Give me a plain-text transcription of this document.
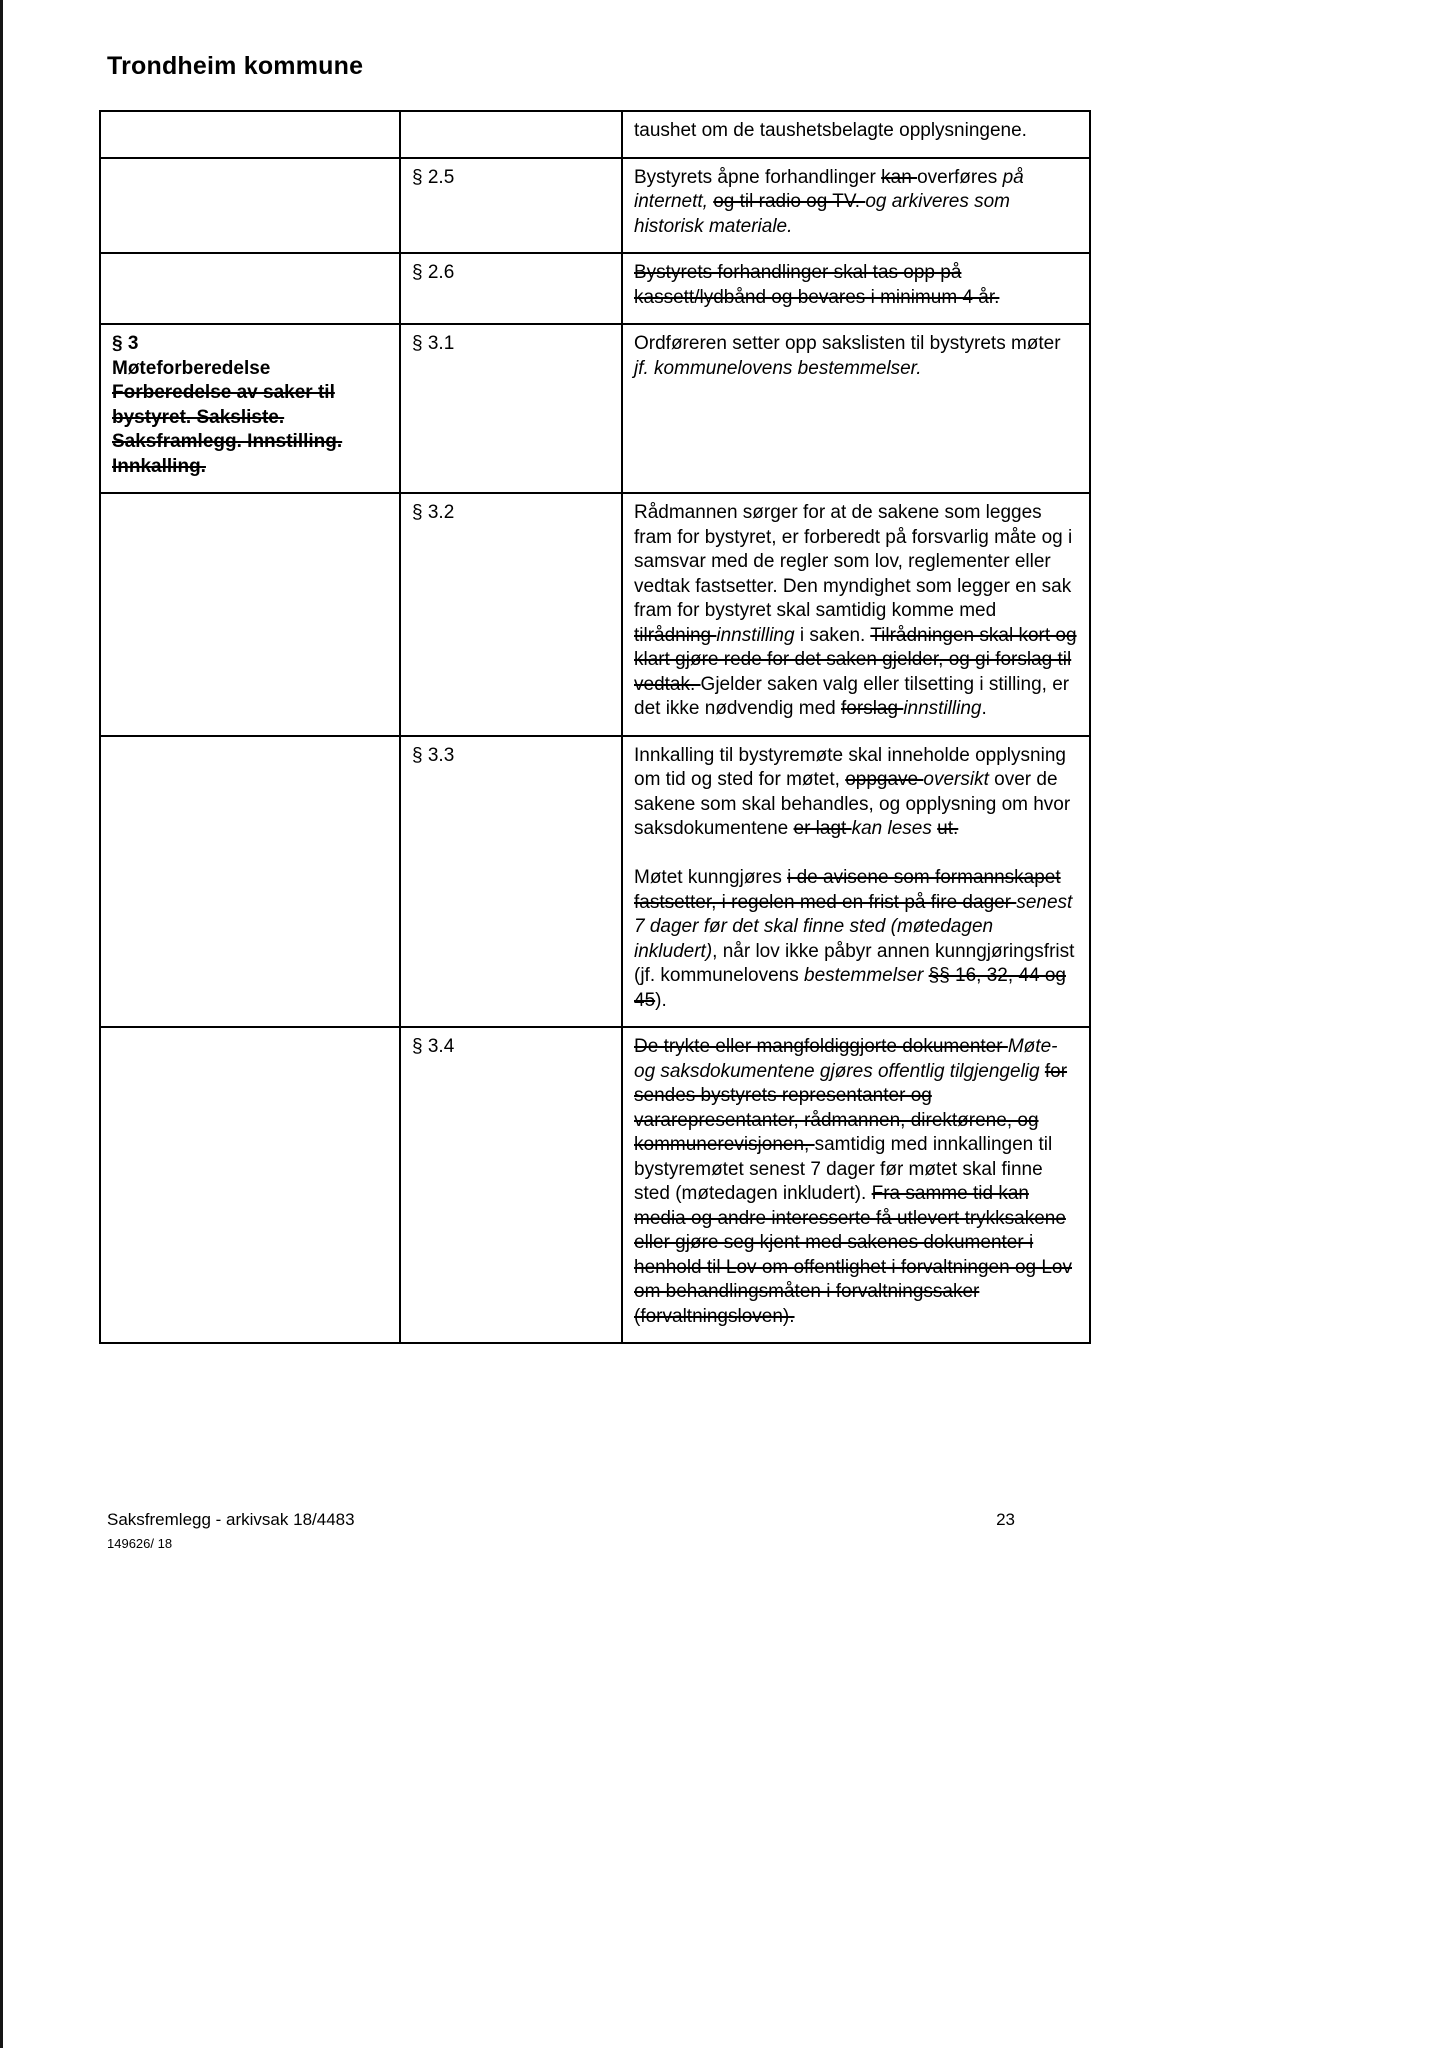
Trondheim kommune

		taushet om de taushetsbelagte opplysningene.

	§ 2.5	Bystyrets åpne forhandlinger kan overføres på internett, og til radio og TV. og arkiveres som historisk materiale.

	§ 2.6	Bystyrets forhandlinger skal tas opp på kassett/lydbånd og bevares i minimum 4 år.

§ 3
Møteforberedelse
Forberedelse av saker til bystyret. Saksliste. Saksframlegg. Innstilling. Innkalling.	§ 3.1	Ordføreren setter opp sakslisten til bystyrets møter jf. kommunelovens bestemmelser.

	§ 3.2	Rådmannen sørger for at de sakene som legges fram for bystyret, er forberedt på forsvarlig måte og i samsvar med de regler som lov, reglementer eller vedtak fastsetter. Den myndighet som legger en sak fram for bystyret skal samtidig komme med tilrådning innstilling i saken. Tilrådningen skal kort og klart gjøre rede for det saken gjelder, og gi forslag til vedtak. Gjelder saken valg eller tilsetting i stilling, er det ikke nødvendig med forslag innstilling.

	§ 3.3	Innkalling til bystyremøte skal inneholde opplysning om tid og sted for møtet, oppgave oversikt over de sakene som skal behandles, og opplysning om hvor saksdokumentene er lagt kan leses ut.
Møtet kunngjøres i de avisene som formannskapet fastsetter, i regelen med en frist på fire dager senest 7 dager før det skal finne sted (møtedagen inkludert), når lov ikke påbyr annen kunngjøringsfrist (jf. kommunelovens bestemmelser §§ 16, 32, 44 og 45).

	§ 3.4	De trykte eller mangfoldiggjorte dokumenter Møte- og saksdokumentene gjøres offentlig tilgjengelig for sendes bystyrets representanter og vararepresentanter, rådmannen, direktørene, og kommunerevisjonen, samtidig med innkallingen til bystyremøtet senest 7 dager før møtet skal finne sted (møtedagen inkludert). Fra samme tid kan media og andre interesserte få utlevert trykksakene eller gjøre seg kjent med sakenes dokumenter i henhold til Lov om offentlighet i forvaltningen og Lov om behandlingsmåten i forvaltningssaker (forvaltningsloven).
Saksfremlegg - arkivsak 18/4483
149626/ 18
23
